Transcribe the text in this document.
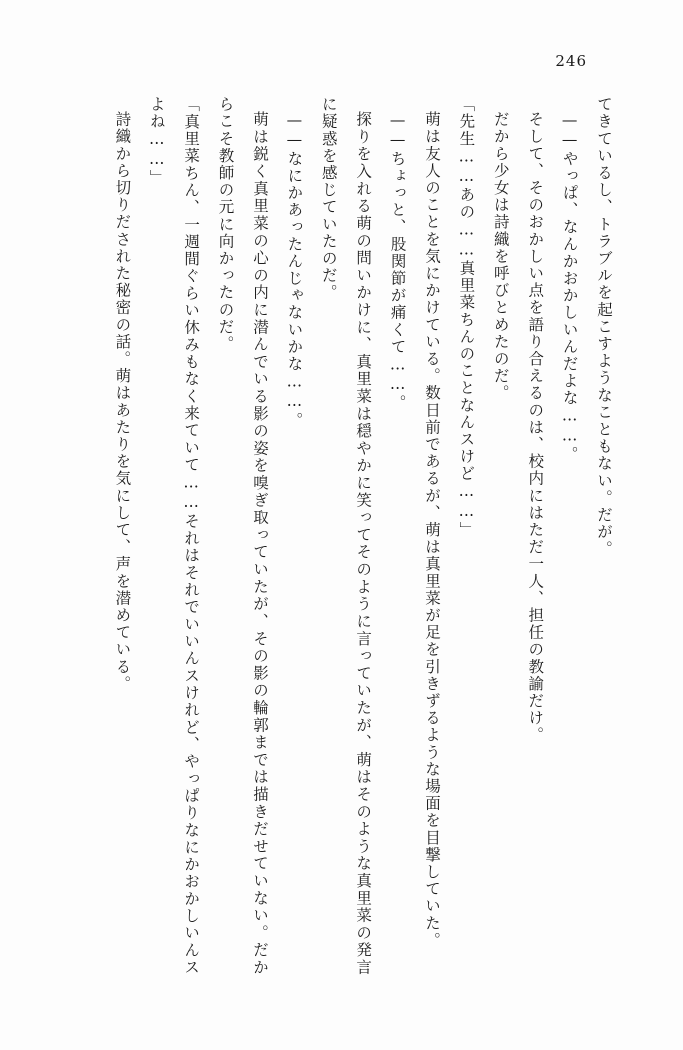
246

てきているし、トラブルを起こすようなこともない。だが。

——やっぱ、なんかおかしいんだよな……。

そして、そのおかしい点を語り合えるのは、校内にはただ一人、担任の教諭だけ。

だから少女は詩織を呼びとめたのだ。

「先生……あの……真里菜ちんのことなんスけど……」

萌は友人のことを気にかけている。数日前であるが、萌は真里菜が足を引きずるような場面を目撃していた。

——ちょっと、股関節が痛くて……。

探りを入れる萌の問いかけに、真里菜は穏やかに笑ってそのように言っていたが、萌はそのような真里菜の発言に疑惑を感じていたのだ。

——なにかあったんじゃないかな……。

萌は鋭く真里菜の心の内に潜んでいる影の姿を嗅ぎ取っていたが、その影の輪郭までは描きだせていない。だからこそ教師の元に向かったのだ。

「真里菜ちん、一週間ぐらい休みもなく来ていて……それはそれでいいんスけれど、やっぱりなにかおかしいんスよね……」

詩織から切りだされた秘密の話。萌はあたりを気にして、声を潜めている。
